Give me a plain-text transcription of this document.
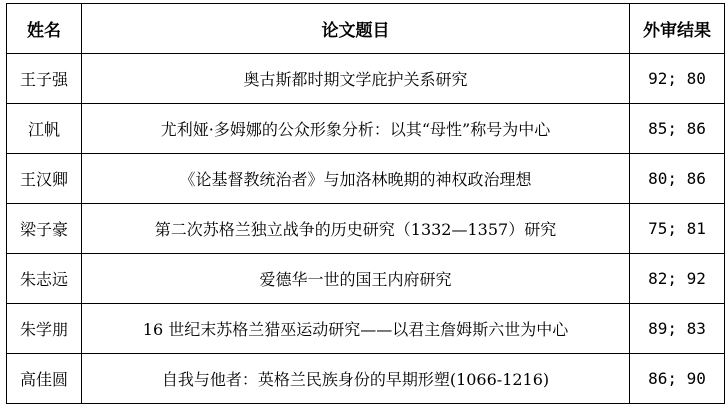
姓名	论文题目	外审结果
王子强	奥古斯都时期文学庇护关系研究	92; 80
江帆	尤利娅·多姆娜的公众形象分析：以其“母性”称号为中心	85; 86
王汉卿	《论基督教统治者》与加洛林晚期的神权政治理想	80; 86
梁子豪	第二次苏格兰独立战争的历史研究（1332—1357）研究	75; 81
朱志远	爱德华一世的国王内府研究	82; 92
朱学朋	16 世纪末苏格兰猎巫运动研究——以君主詹姆斯六世为中心	89; 83
高佳圆	自我与他者：英格兰民族身份的早期形塑(1066-1216)	86; 90
